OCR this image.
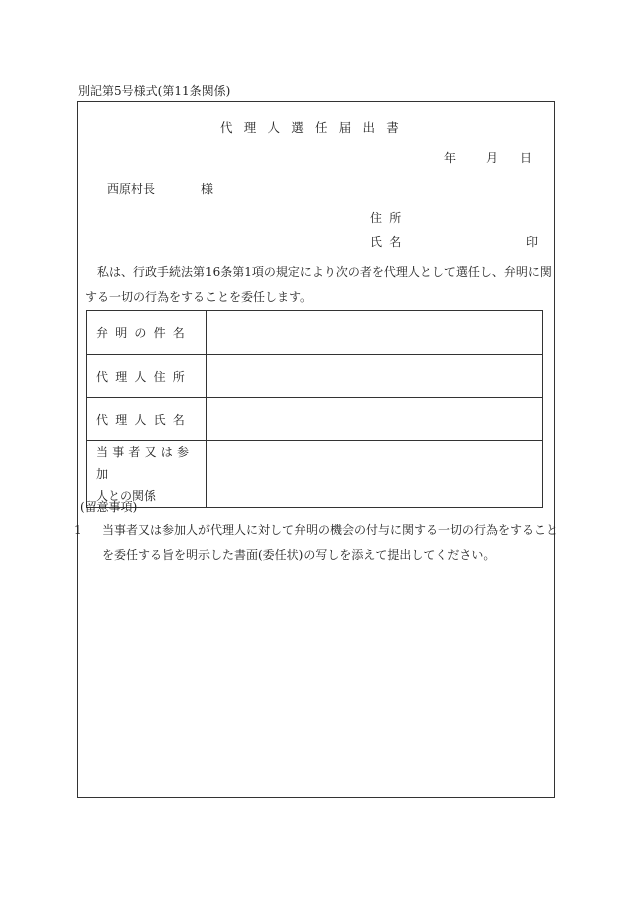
別記第5号様式(第11条関係)
代理人選任届出書
年 月 日
西原村長	様
住所
氏名	印
私は、行政手続法第16条第1項の規定により次の者を代理人として選任し、弁明に関する一切の行為をすることを委任します。
弁明の件名	
代理人住所	
代理人氏名	

当事者又は参加
人との関係	

(留意事項)
1 当事者又は参加人が代理人に対して弁明の機会の付与に関する一切の行為をすることを委任する旨を明示した書面(委任状)の写しを添えて提出してください。
